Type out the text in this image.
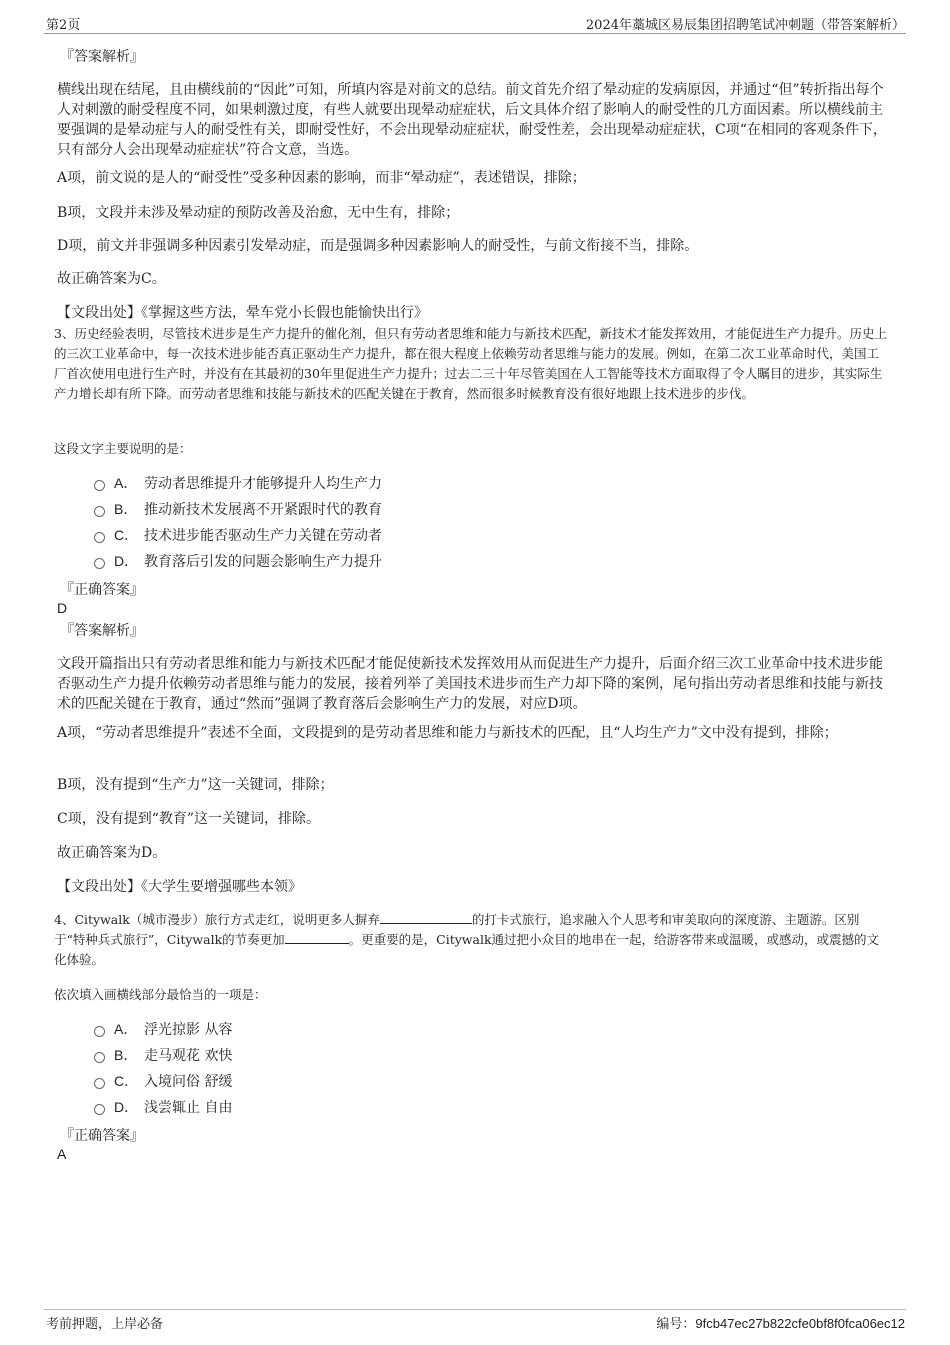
第2页	2024年藁城区易辰集团招聘笔试冲刺题（带答案解析）
『答案解析』

横线出现在结尾，且由横线前的“因此”可知，所填内容是对前文的总结。前文首先介绍了晕动症的发病原因，并通过“但”转折指出每个人对刺激的耐受程度不同，如果刺激过度，有些人就要出现晕动症症状，后文具体介绍了影响人的耐受性的几方面因素。所以横线前主要强调的是晕动症与人的耐受性有关，即耐受性好，不会出现晕动症症状，耐受性差，会出现晕动症症状，C项“在相同的客观条件下，只有部分人会出现晕动症症状”符合文意，当选。

A项，前文说的是人的“耐受性”受多种因素的影响，而非“晕动症”，表述错误，排除；

B项，文段并未涉及晕动症的预防改善及治愈，无中生有，排除；

D项，前文并非强调多种因素引发晕动症，而是强调多种因素影响人的耐受性，与前文衔接不当，排除。

故正确答案为C。

【文段出处】《掌握这些方法，晕车党小长假也能愉快出行》

3、历史经验表明，尽管技术进步是生产力提升的催化剂，但只有劳动者思维和能力与新技术匹配，新技术才能发挥效用，才能促进生产力提升。历史上的三次工业革命中，每一次技术进步能否真正驱动生产力提升，都在很大程度上依赖劳动者思维与能力的发展。例如，在第二次工业革命时代，美国工厂首次使用电进行生产时，并没有在其最初的30年里促进生产力提升；过去二三十年尽管美国在人工智能等技术方面取得了令人瞩目的进步，其实际生产力增长却有所下降。而劳动者思维和技能与新技术的匹配关键在于教育，然而很多时候教育没有很好地跟上技术进步的步伐。

这段文字主要说明的是：

A． 劳动者思维提升才能够提升人均生产力
B． 推动新技术发展离不开紧跟时代的教育
C． 技术进步能否驱动生产力关键在劳动者
D． 教育落后引发的问题会影响生产力提升
『正确答案』
D
『答案解析』

文段开篇指出只有劳动者思维和能力与新技术匹配才能促使新技术发挥效用从而促进生产力提升，后面介绍三次工业革命中技术进步能否驱动生产力提升依赖劳动者思维与能力的发展，接着列举了美国技术进步而生产力却下降的案例，尾句指出劳动者思维和技能与新技术的匹配关键在于教育，通过“然而”强调了教育落后会影响生产力的发展，对应D项。

A项，“劳动者思维提升”表述不全面，文段提到的是劳动者思维和能力与新技术的匹配，且“人均生产力”文中没有提到，排除；

B项，没有提到“生产力”这一关键词，排除；

C项，没有提到“教育”这一关键词，排除。

故正确答案为D。

【文段出处】《大学生要增强哪些本领》

4、Citywalk（城市漫步）旅行方式走红，说明更多人摒弃	的打卡式旅行，追求融入个人思考和审美取向的深度游、主题游。区别于“特种兵式旅行”，Citywalk的节奏更加	。更重要的是，Citywalk通过把小众目的地串在一起，给游客带来或温暖，或感动，或震撼的文化体验。

依次填入画横线部分最恰当的一项是：

A． 浮光掠影 从容
B． 走马观花 欢快
C． 入境问俗 舒缓
D． 浅尝辄止 自由
『正确答案』
A
考前押题，上岸必备	编号：9fcb47ec27b822cfe0bf8f0fca06ec12
